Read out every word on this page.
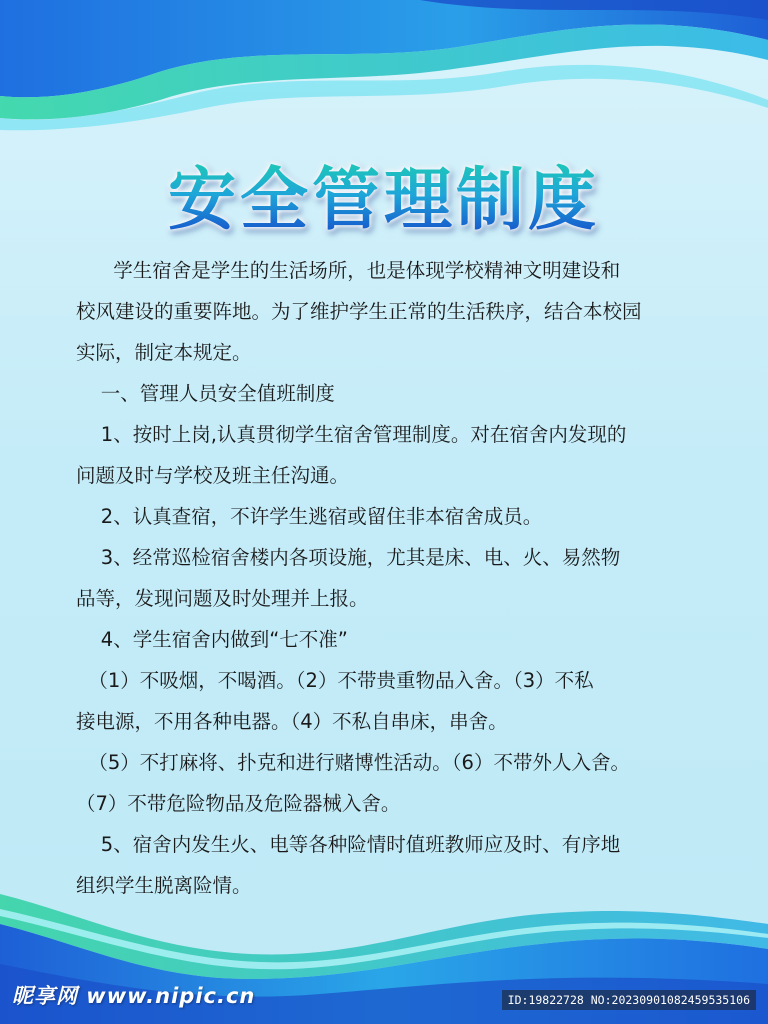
安全管理制度

学生宿舍是学生的生活场所，也是体现学校精神文明建设和

校风建设的重要阵地。为了维护学生正常的生活秩序，结合本校园

实际，制定本规定。

一、管理人员安全值班制度

1、按时上岗,认真贯彻学生宿舍管理制度。对在宿舍内发现的

问题及时与学校及班主任沟通。

2、认真查宿，不许学生逃宿或留住非本宿舍成员。

3、经常巡检宿舍楼内各项设施，尤其是床、电、火、易然物

品等，发现问题及时处理并上报。

4、学生宿舍内做到“七不准”

（1）不吸烟，不喝酒。（2）不带贵重物品入舍。（3）不私

接电源，不用各种电器。（4）不私自串床，串舍。

（5）不打麻将、扑克和进行赌博性活动。（6）不带外人入舍。

（7）不带危险物品及危险器械入舍。

5、宿舍内发生火、电等各种险情时值班教师应及时、有序地

组织学生脱离险情。

昵享网 www.nipic.cn	ID:19822728 NO:20230901082459535106
